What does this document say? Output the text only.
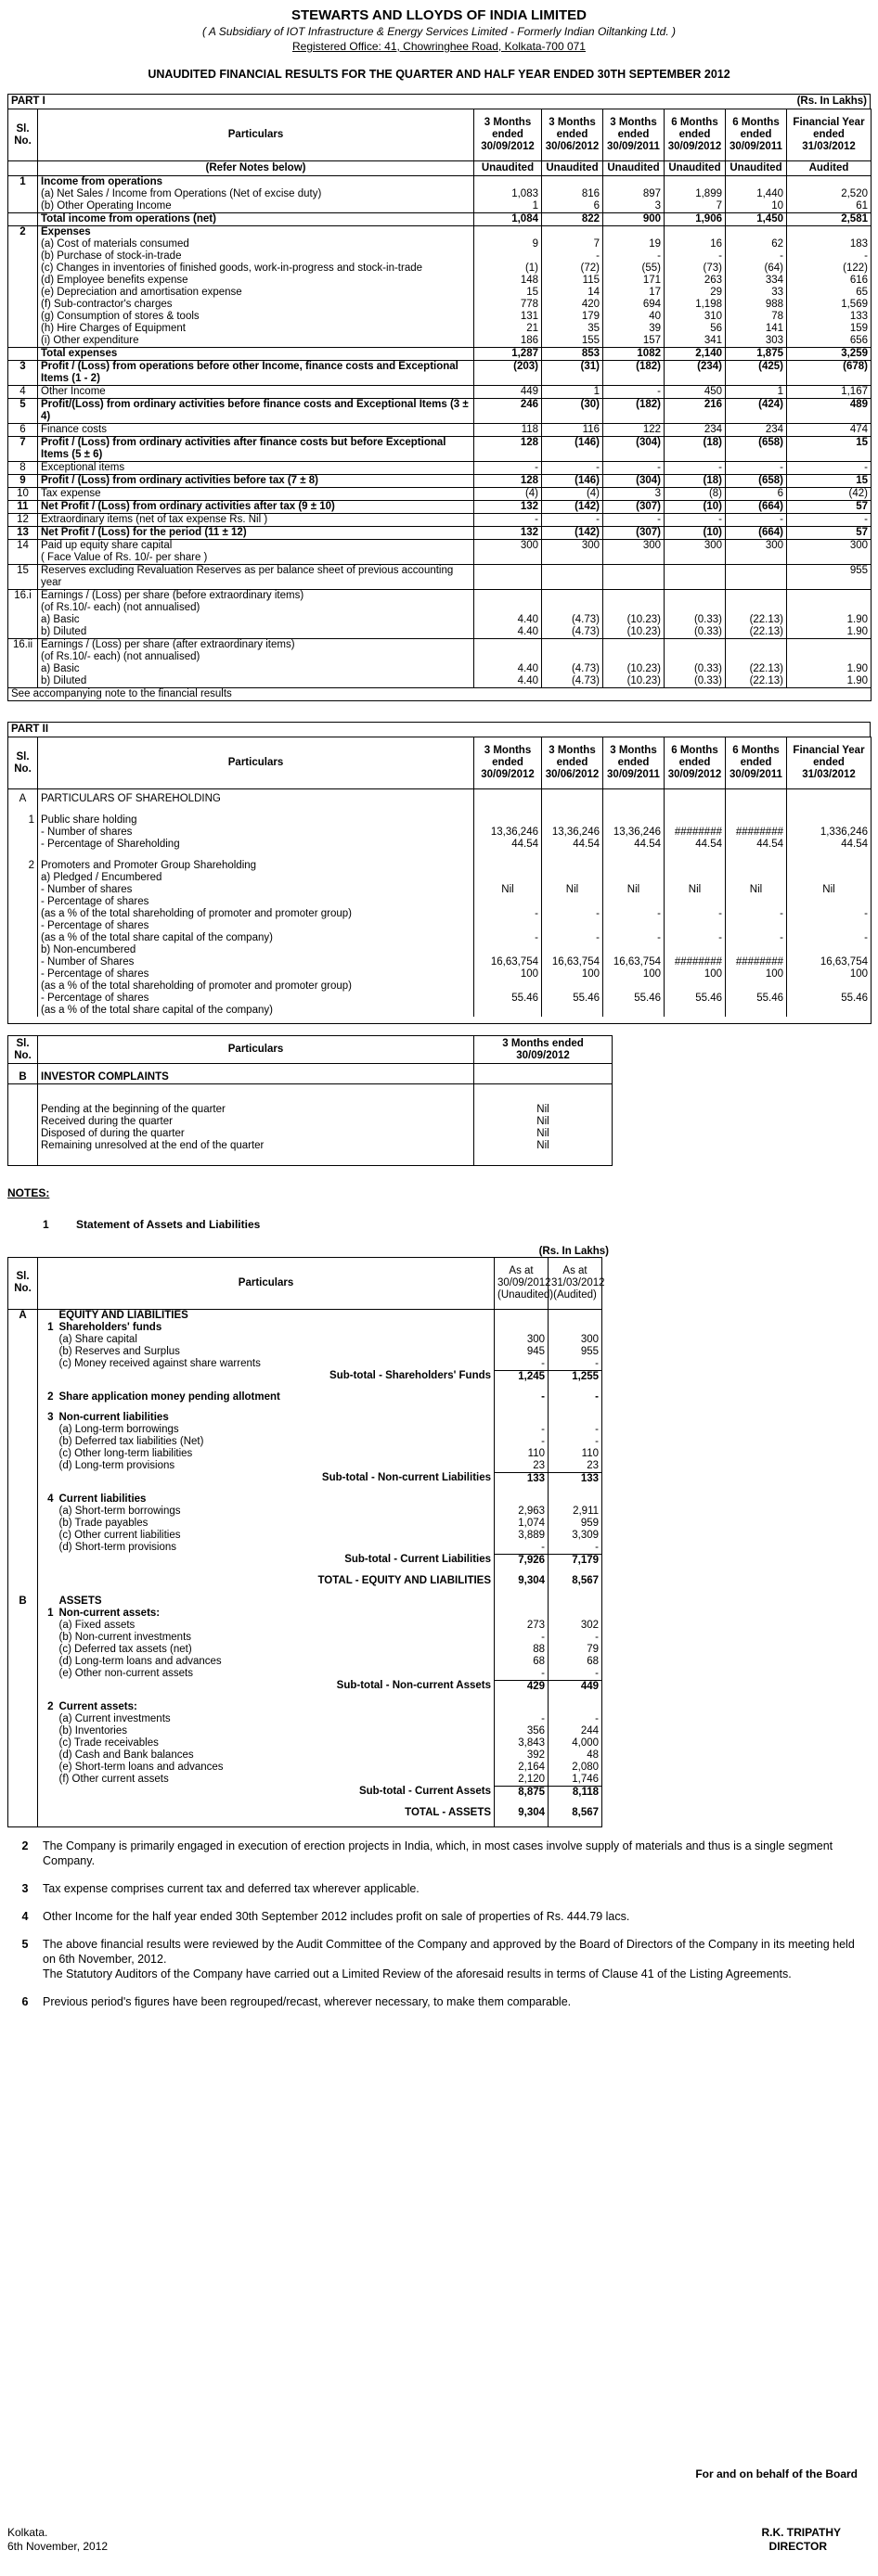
STEWARTS AND LLOYDS OF INDIA LIMITED
( A Subsidiary of IOT Infrastructure & Energy Services Limited - Formerly Indian Oiltanking Ltd. )
Registered Office: 41, Chowringhee Road, Kolkata-700 071
UNAUDITED FINANCIAL RESULTS FOR THE QUARTER AND HALF YEAR ENDED 30TH SEPTEMBER 2012
PART I	(Rs. In Lakhs)
Sl. No.	Particulars	3 Months ended 30/09/2012	3 Months ended 30/06/2012	3 Months ended 30/09/2011	6 Months ended 30/09/2012	6 Months ended 30/09/2011	Financial Year ended 31/03/2012
	(Refer Notes below)	Unaudited	Unaudited	Unaudited	Unaudited	Unaudited	Audited
1	Income from operations						
	(a) Net Sales / Income from Operations (Net of excise duty)	1,083	816	897	1,899	1,440	2,520
	(b) Other Operating Income	1	6	3	7	10	61
	Total income from operations (net)	1,084	822	900	1,906	1,450	2,581
2	Expenses						
	(a) Cost of materials consumed	9	7	19	16	62	183
	(b) Purchase of stock-in-trade		-	-	-	-	-
	(c) Changes in inventories of finished goods, work-in-progress and stock-in-trade	(1)	(72)	(55)	(73)	(64)	(122)
	(d) Employee benefits expense	148	115	171	263	334	616
	(e) Depreciation and amortisation expense	15	14	17	29	33	65
	(f) Sub-contractor's charges	778	420	694	1,198	988	1,569
	(g) Consumption of stores & tools	131	179	40	310	78	133
	(h) Hire Charges of Equipment	21	35	39	56	141	159
	(i) Other expenditure	186	155	157	341	303	656
	Total expenses	1,287	853	1082	2,140	1,875	3,259
3	Profit / (Loss) from operations before other Income, finance costs and Exceptional Items (1 - 2)	(203)	(31)	(182)	(234)	(425)	(678)
4	Other Income	449	1	-	450	1	1,167
5	Profit/(Loss) from ordinary activities before finance costs and Exceptional Items (3 ± 4)	246	(30)	(182)	216	(424)	489
6	Finance costs	118	116	122	234	234	474
7	Profit / (Loss) from ordinary activities after finance costs but before Exceptional Items (5 ± 6)	128	(146)	(304)	(18)	(658)	15
8	Exceptional items	-	-	-	-	-	-
9	Profit / (Loss) from ordinary activities before tax (7 ± 8)	128	(146)	(304)	(18)	(658)	15
10	Tax expense	(4)	(4)	3	(8)	6	(42)
11	Net Profit / (Loss) from ordinary activities after tax (9 ± 10)	132	(142)	(307)	(10)	(664)	57
12	Extraordinary items (net of tax expense Rs. Nil )	-	-	-	-	-	-
13	Net Profit / (Loss) for the period (11 ± 12)	132	(142)	(307)	(10)	(664)	57
14	Paid up equity share capital	300	300	300	300	300	300
	( Face Value of Rs. 10/- per share )						
15	Reserves excluding Revaluation Reserves as per balance sheet of previous accounting year						955
16.i	Earnings / (Loss) per share (before extraordinary items)						
	(of Rs.10/- each) (not annualised)						
	a) Basic	4.40	(4.73)	(10.23)	(0.33)	(22.13)	1.90
	b) Diluted	4.40	(4.73)	(10.23)	(0.33)	(22.13)	1.90
16.ii	Earnings / (Loss) per share (after extraordinary items)						
	(of Rs.10/- each) (not annualised)						
	a) Basic	4.40	(4.73)	(10.23)	(0.33)	(22.13)	1.90
	b) Diluted	4.40	(4.73)	(10.23)	(0.33)	(22.13)	1.90
See accompanying note to the financial results							
PART II
Sl. No.	Particulars	3 Months ended 30/09/2012	3 Months ended 30/06/2012	3 Months ended 30/09/2011	6 Months ended 30/09/2012	6 Months ended 30/09/2011	Financial Year ended 31/03/2012

A	PARTICULARS OF SHAREHOLDING						

1	Public share holding						
	- Number of shares	13,36,246	13,36,246	13,36,246	########	########	1,336,246
	- Percentage of Shareholding	44.54	44.54	44.54	44.54	44.54	44.54

2	Promoters and Promoter Group Shareholding						
	a) Pledged / Encumbered						
	- Number of shares	Nil	Nil	Nil	Nil	Nil	Nil
	- Percentage of shares						
	(as a % of the total shareholding of promoter and promoter group)	-	-	-	-	-	-
	- Percentage of shares						
	(as a % of the total share capital of the company)	-	-	-	-	-	-
	b) Non-encumbered						
	- Number of Shares	16,63,754	16,63,754	16,63,754	########	########	16,63,754
	- Percentage of shares	100	100	100	100	100	100
	(as a % of the total shareholding of promoter and promoter group)						
	- Percentage of shares	55.46	55.46	55.46	55.46	55.46	55.46
	(as a % of the total share capital of the company)						

Sl. No.	Particulars	3 Months ended 30/09/2012

B	INVESTOR COMPLAINTS	

	Pending at the beginning of the quarter	Nil
	Received during the quarter	Nil
	Disposed of during the quarter	Nil
	Remaining unresolved at the end of the quarter	Nil

NOTES:
1 Statement of Assets and Liabilities
(Rs. In Lakhs)
Sl. No.	Particulars		As at 30/09/2012 (Unaudited)	As at 31/03/2012 (Audited)
A		EQUITY AND LIABILITIES		
	1	Shareholders' funds		
		(a) Share capital	300	300
		(b) Reserves and Surplus	945	955
		(c) Money received against share warrents	-	-
		Sub-total - Shareholders' Funds	1,245	1,255

	2	Share application money pending allotment	-	-

	3	Non-current liabilities		
		(a) Long-term borrowings	-	-
		(b) Deferred tax liabilities (Net)	-	-
		(c) Other long-term liabilities	110	110
		(d) Long-term provisions	23	23
		Sub-total - Non-current Liabilities	133	133

	4	Current liabilities		
		(a) Short-term borrowings	2,963	2,911
		(b) Trade payables	1,074	959
		(c) Other current liabilities	3,889	3,309
		(d) Short-term provisions	-	-
		Sub-total - Current Liabilities	7,926	7,179

		TOTAL - EQUITY AND LIABILITIES	9,304	8,567

B		ASSETS		
	1	Non-current assets:		
		(a) Fixed assets	273	302
		(b) Non-current investments	-	-
		(c) Deferred tax assets (net)	88	79
		(d) Long-term loans and advances	68	68
		(e) Other non-current assets	-	-
		Sub-total - Non-current Assets	429	449

	2	Current assets:		
		(a) Current investments	-	-
		(b) Inventories	356	244
		(c) Trade receivables	3,843	4,000
		(d) Cash and Bank balances	392	48
		(e) Short-term loans and advances	2,164	2,080
		(f) Other current assets	2,120	1,746
		Sub-total - Current Assets	8,875	8,118

		TOTAL - ASSETS	9,304	8,567

2	The Company is primarily engaged in execution of erection projects in India, which, in most cases involve supply of materials and thus is a single segment Company.
3	Tax expense comprises current tax and deferred tax wherever applicable.
4	Other Income for the half year ended 30th September 2012 includes profit on sale of properties of Rs. 444.79 lacs.
5	The above financial results were reviewed by the Audit Committee of the Company and approved by the Board of Directors of the Company in its meeting held on 6th November, 2012.
The Statutory Auditors of the Company have carried out a Limited Review of the aforesaid results in terms of Clause 41 of the Listing Agreements.
6	Previous period's figures have been regrouped/recast, wherever necessary, to make them comparable.
For and on behalf of the Board
Kolkata.
6th November, 2012
R.K. TRIPATHY
DIRECTOR
